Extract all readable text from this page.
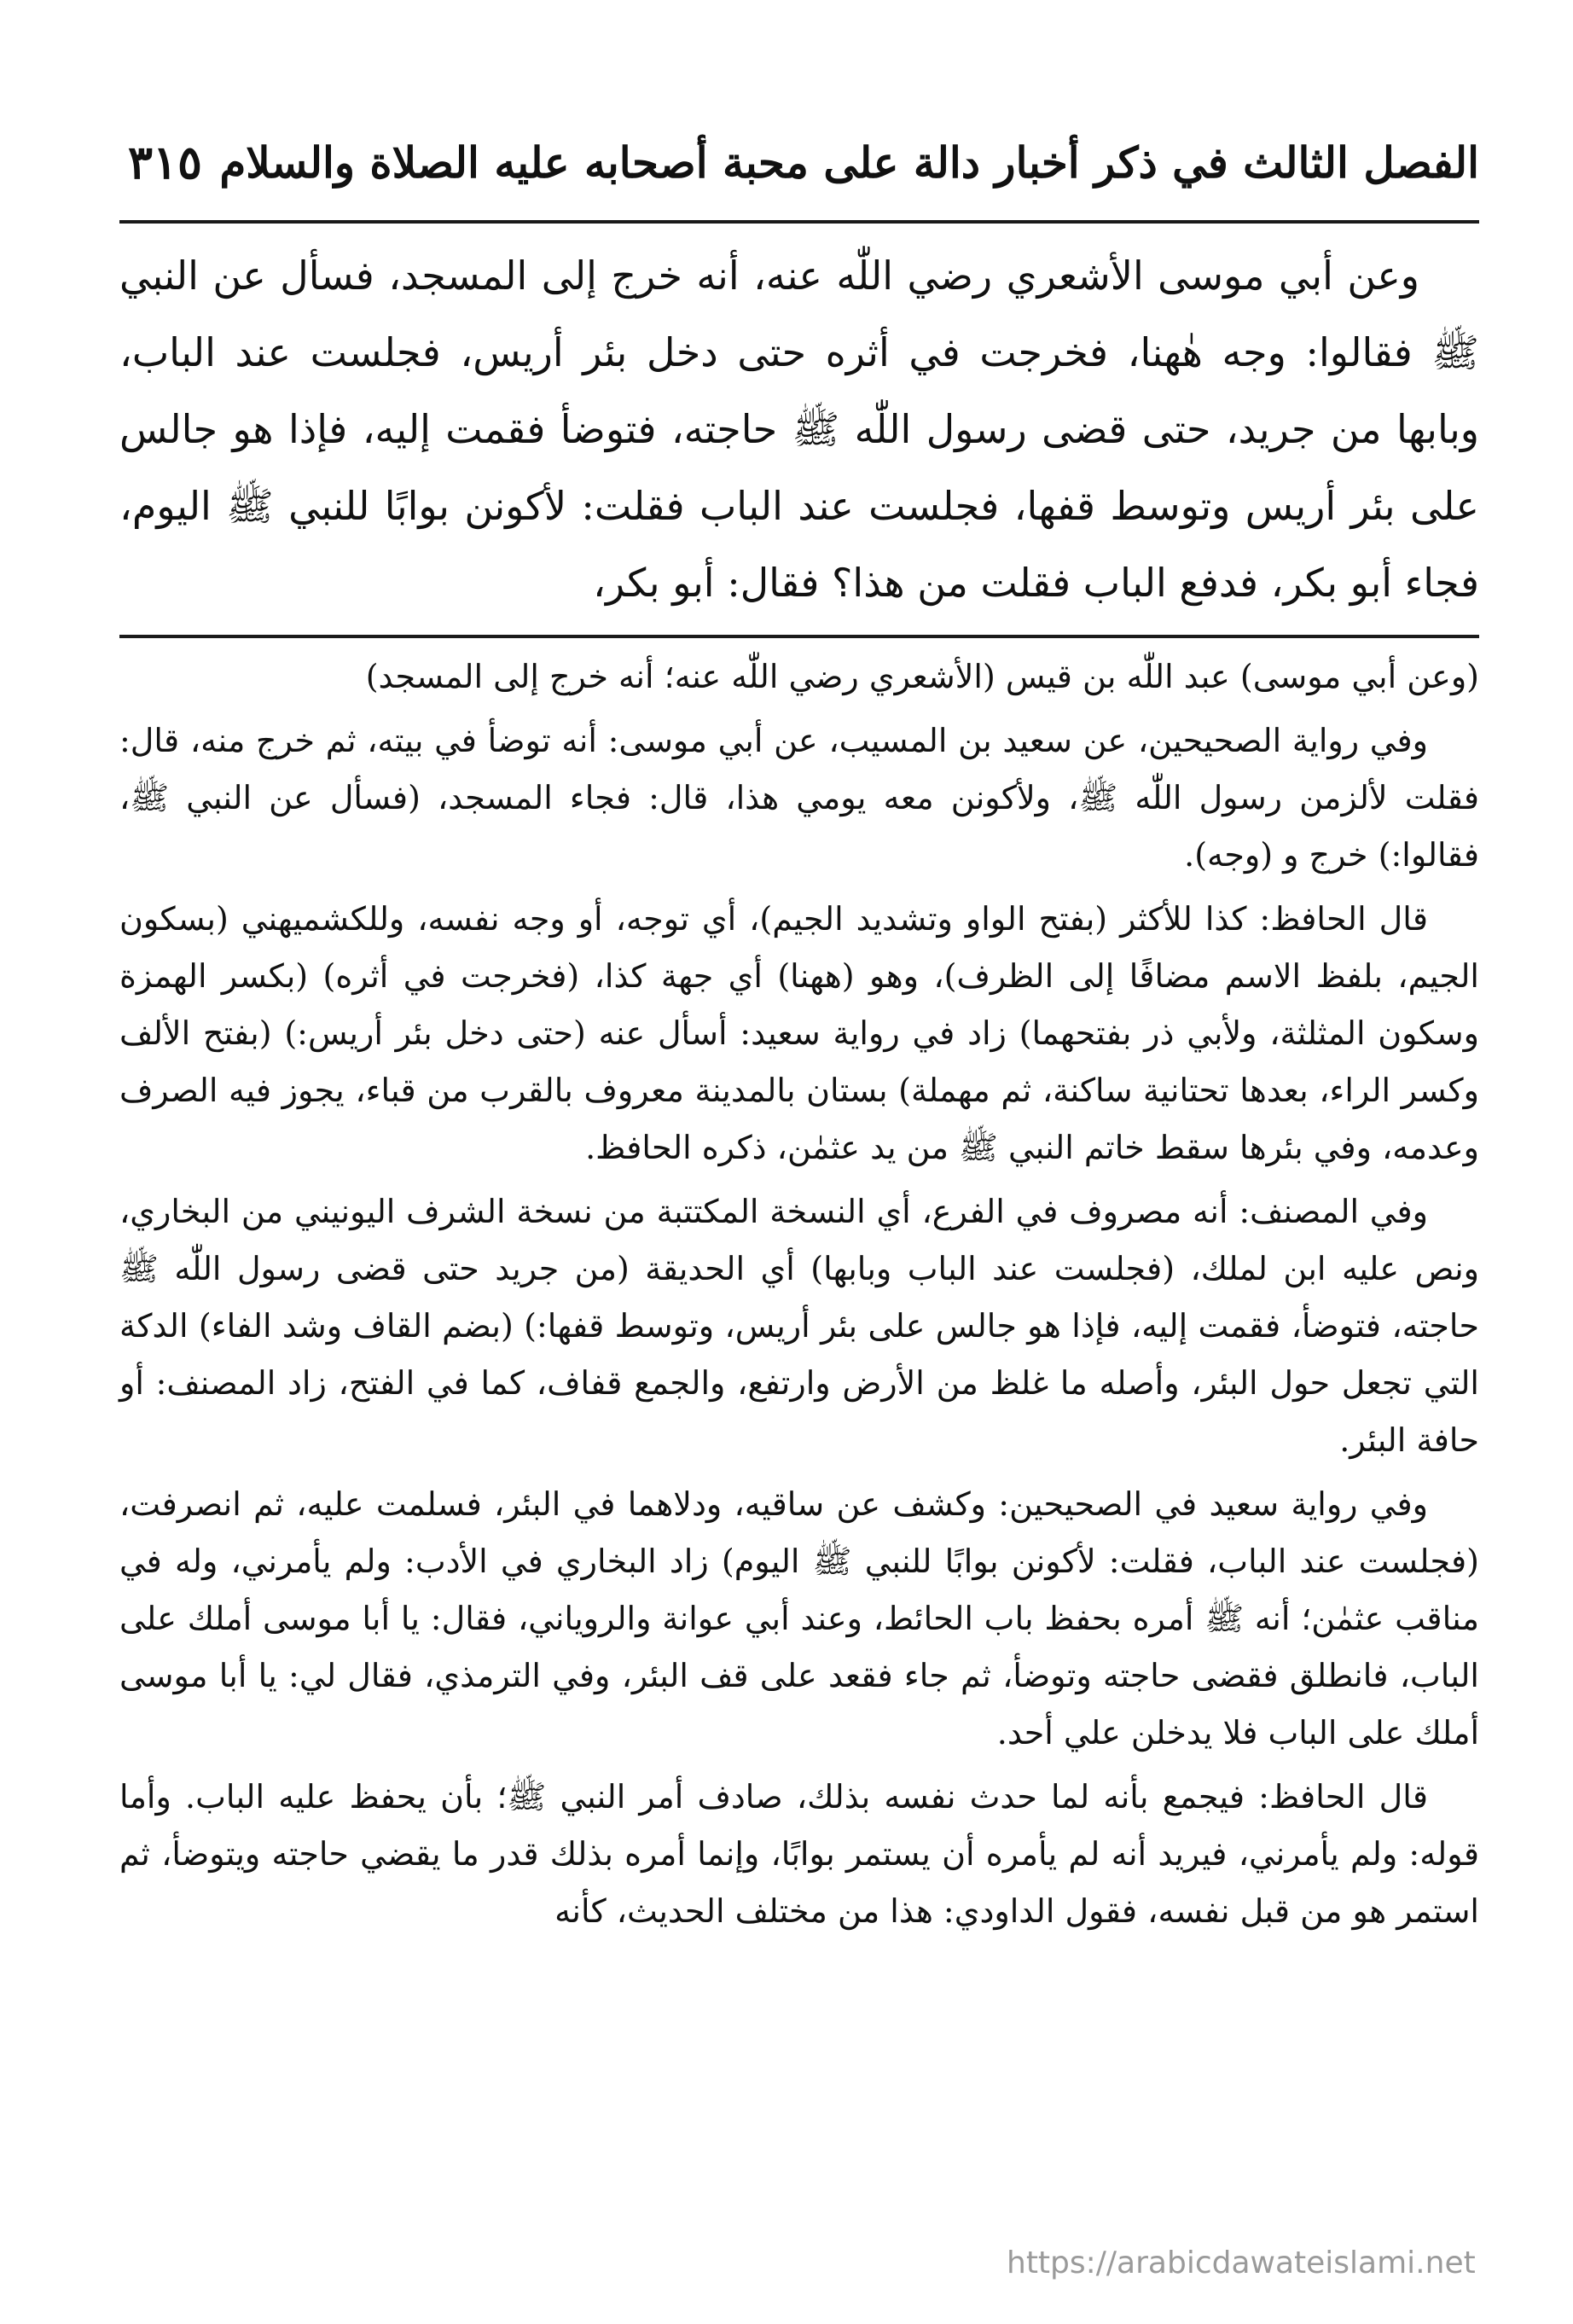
الفصل الثالث في ذكر أخبار دالة على محبة أصحابه عليه الصلاة والسلام
٣١٥

وعن أبي موسى الأشعري رضي اللّٰه عنه، أنه خرج إلى المسجد، فسأل عن النبي ﷺ فقالوا: وجه هٰهنا، فخرجت في أثره حتى دخل بئر أريس، فجلست عند الباب، وبابها من جريد، حتى قضى رسول اللّٰه ﷺ حاجته، فتوضأ فقمت إليه، فإذا هو جالس على بئر أريس وتوسط قفها، فجلست عند الباب فقلت: لأكونن بوابًا للنبي ﷺ اليوم، فجاء أبو بكر، فدفع الباب فقلت من هذا؟ فقال: أبو بكر،

(وعن أبي موسى) عبد اللّٰه بن قيس (الأشعري رضي اللّٰه عنه؛ أنه خرج إلى المسجد)

وفي رواية الصحيحين، عن سعيد بن المسيب، عن أبي موسى: أنه توضأ في بيته، ثم خرج منه، قال: فقلت لألزمن رسول اللّٰه ﷺ، ولأكونن معه يومي هذا، قال: فجاء المسجد، (فسأل عن النبي ﷺ، فقالوا:) خرج و (وجه).

قال الحافظ: كذا للأكثر (بفتح الواو وتشديد الجيم)، أي توجه، أو وجه نفسه، وللكشميهني (بسكون الجيم، بلفظ الاسم مضافًا إلى الظرف)، وهو (ههنا) أي جهة كذا، (فخرجت في أثره) (بكسر الهمزة وسكون المثلثة، ولأبي ذر بفتحهما) زاد في رواية سعيد: أسأل عنه (حتى دخل بئر أريس:) (بفتح الألف وكسر الراء، بعدها تحتانية ساكنة، ثم مهملة) بستان بالمدينة معروف بالقرب من قباء، يجوز فيه الصرف وعدمه، وفي بئرها سقط خاتم النبي ﷺ من يد عثمٰن، ذكره الحافظ.

وفي المصنف: أنه مصروف في الفرع، أي النسخة المكتتبة من نسخة الشرف اليونيني من البخاري، ونص عليه ابن لملك، (فجلست عند الباب وبابها) أي الحديقة (من جريد حتى قضى رسول اللّٰه ﷺ حاجته، فتوضأ، فقمت إليه، فإذا هو جالس على بئر أريس، وتوسط قفها:) (بضم القاف وشد الفاء) الدكة التي تجعل حول البئر، وأصله ما غلظ من الأرض وارتفع، والجمع قفاف، كما في الفتح، زاد المصنف: أو حافة البئر.

وفي رواية سعيد في الصحيحين: وكشف عن ساقيه، ودلاهما في البئر، فسلمت عليه، ثم انصرفت، (فجلست عند الباب، فقلت: لأكونن بوابًا للنبي ﷺ اليوم) زاد البخاري في الأدب: ولم يأمرني، وله في مناقب عثمٰن؛ أنه ﷺ أمره بحفظ باب الحائط، وعند أبي عوانة والروياني، فقال: يا أبا موسى أملك على الباب، فانطلق فقضى حاجته وتوضأ، ثم جاء فقعد على قف البئر، وفي الترمذي، فقال لي: يا أبا موسى أملك على الباب فلا يدخلن علي أحد.

قال الحافظ: فيجمع بأنه لما حدث نفسه بذلك، صادف أمر النبي ﷺ؛ بأن يحفظ عليه الباب. وأما قوله: ولم يأمرني، فيريد أنه لم يأمره أن يستمر بوابًا، وإنما أمره بذلك قدر ما يقضي حاجته ويتوضأ، ثم استمر هو من قبل نفسه، فقول الداودي: هذا من مختلف الحديث، كأنه

https://arabicdawateislami.net
